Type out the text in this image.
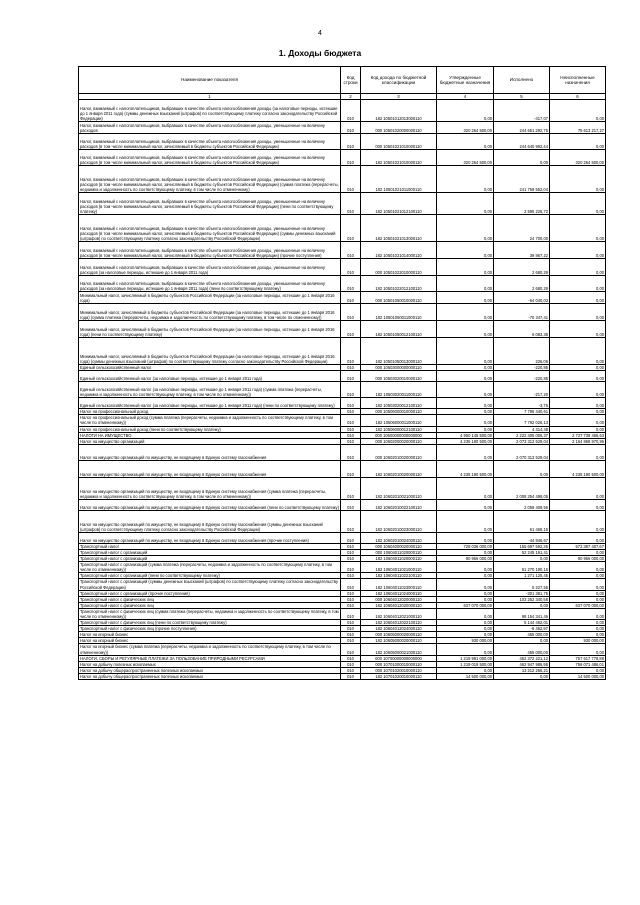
4
1. Доходы бюджета
Наименование показателя	Код строки	Код дохода по бюджетной классификации	Утвержденные бюджетные назначения	Исполнено	Неисполненные назначения
1	2	3	4	5	6
Налог, взимаемый с налогоплательщиков, выбравших в качестве объекта налогообложения доходы (за налоговые периоды, истекшие до 1 января 2011 года) (суммы денежных взысканий (штрафов) по соответствующему платежу согласно законодательству Российской Федерации)	010	182 10501012013000110	0,00	-417,07	0,00
Налог, взимаемый с налогоплательщиков, выбравших в качестве объекта налогообложения доходы, уменьшенные на величину расходов	010	000 10501020000000110	320 264 500,00	244 651 292,75	75 613 217,27
Налог, взимаемый с налогоплательщиков, выбравших в качестве объекта налогообложения доходы, уменьшенные на величину расходов (в том числе минимальный налог, зачисляемый в бюджеты субъектов Российской Федерации)	010	000 10501021010000110	0,00	244 640 992,44	0,00
Налог, взимаемый с налогоплательщиков, выбравших в качестве объекта налогообложения доходы, уменьшенные на величину расходов (в том числе минимальный налог, зачисляемый в бюджеты субъектов Российской Федерации)	010	182 10501021010000110	320 264 500,00	0,00	320 264 500,00
Налог, взимаемый с налогоплательщиков, выбравших в качестве объекта налогообложения доходы, уменьшенные на величину расходов (в том числе минимальный налог, зачисляемый в бюджеты субъектов Российской Федерации) (сумма платежа (перерасчеты, недоимка и задолженность по соответствующему платежу, в том числе по отмененному)	010	182 10501021011000110	0,00	241 759 552,04	0,00
Налог, взимаемый с налогоплательщиков, выбравших в качестве объекта налогообложения доходы, уменьшенные на величину расходов (в том числе минимальный налог, зачисляемый в бюджеты субъектов Российской Федерации) (пени по соответствующему платежу)	010	182 10501021012100110	0,00	2 595 226,72	0,00
Налог, взимаемый с налогоплательщиков, выбравших в качестве объекта налогообложения доходы, уменьшенные на величину расходов (в том числе минимальный налог, зачисляемый в бюджеты субъектов Российской Федерации) (суммы денежных взысканий (штрафов) по соответствующему платежу согласно законодательству Российской Федерации)	010	182 10501021013000110	0,00	24 700,00	0,00
Налог, взимаемый с налогоплательщиков, выбравших в качестве объекта налогообложения доходы, уменьшенные на величину расходов (в том числе минимальный налог, зачисляемый в бюджеты субъектов Российской Федерации) (прочие поступления)	010	182 10501021014000110	0,00	39 867,22	0,00
Налог, взимаемый с налогоплательщиков, выбравших в качестве объекта налогообложения доходы, уменьшенные на величину расходов (за налоговые периоды, истекшие до 1 января 2011 года)	010	000 10501022010000110	0,00	2 680,29	0,00
Налог, взимаемый с налогоплательщиков, выбравших в качестве объекта налогообложения доходы, уменьшенные на величину расходов (за налоговые периоды, истекшие до 1 января 2011 года) (пени по соответствующему платежу)	010	182 10501022012100110	0,00	2 680,29	0,00
Минимальный налог, зачисляемый в бюджеты субъектов Российской Федерации (за налоговые периоды, истекшие до 1 января 2016 года)	010	000 10501050010000110	0,00	-64 040,03	0,00
Минимальный налог, зачисляемый в бюджеты субъектов Российской Федерации (за налоговые периоды, истекшие до 1 января 2016 года) (сумма платежа (перерасчеты, недоимка и задолженность по соответствующему платежу, в том числе по отмененному))	010	182 10501050011000110	0,00	-70 347,41	0,00
Минимальный налог, зачисляемый в бюджеты субъектов Российской Федерации (за налоговые периоды, истекшие до 1 января 2016 года) (пени по соответствующему платежу)	010	182 10501050012100110	0,00	6 083,35	0,00
Минимальный налог, зачисляемый в бюджеты субъектов Российской Федерации (за налоговые периоды, истекшие до 1 января 2016 года) (суммы денежных взысканий (штрафов) по соответствующему платежу согласно законодательству Российской Федерации)	010	182 10501050013000110	0,00	226,06	0,00
Единый сельскохозяйственный налог	010	000 10503000000000110	0,00	-220,85	0,00
Единый сельскохозяйственный налог (за налоговые периоды, истекшие до 1 января 2011 года)	010	000 10503020010000110	0,00	-220,85	0,00
Единый сельскохозяйственный налог (за налоговые периоды, истекшие до 1 января 2011 года) (сумма платежа (перерасчеты, недоимка и задолженность по соответствующему платежу, в том числе по отмененному))	010	182 10503020011000110	0,00	-217,20	0,00
Единый сельскохозяйственный налог (за налоговые периоды, истекшие до 1 января 2011 года) (пени по соответствующему платежу)	010	182 10503020012100110	0,00	-3,75	0,00
Налог на профессиональный доход	010	000 10506000010000110	0,00	7 796 440,61	0,00
Налог на профессиональный доход (сумма платежа (перерасчеты, недоимка и задолженность по соответствующему платежу, в том числе по отмененному))	010	182 10506000011000110	0,00	7 792 026,13	0,00
Налог на профессиональный доход (пени по соответствующему платежу)	010	182 10506000012100110	0,00	4 414,48	0,00
НАЛОГИ НА ИМУЩЕСТВО	010	000 10600000000000000	4 950 145 500,00	2 222 405 006,37	2 727 739 466,63
Налог на имущество организаций	010	000 10602000020000110	4 235 180 500,00	2 073 312 529,04	2 164 868 970,96
Налог на имущество организаций по имуществу, не входящему в Единую систему газоснабжения	010	000 10602010020000110	0,00	2 070 313 529,04	0,00
Налог на имущество организаций по имуществу, не входящему в Единую систему газоснабжения	010	182 10602010020000110	4 235 180 500,00	0,00	4 235 180 500,00
Налог на имущество организаций по имуществу, не входящему в Единую систему газоснабжения (сумма платежа (перерасчеты, недоимка и задолженность по соответствующему платежу, в том числе по отмененному))	010	182 10602010021000110	0,00	2 008 254 498,05	0,00
Налог на имущество организаций по имуществу, не входящему в Единую систему газоснабжения (пени по соответствующему платежу)	010	182 10602010022100110	0,00	2 059 409,56	0,00
Налог на имущество организаций по имуществу, не входящему в Единую систему газоснабжения (суммы денежных взысканий (штрафов) по соответствующему платежу согласно законодательству Российской Федерации)	010	182 10602010023000110	0,00	61 468,15	0,00
Налог на имущество организаций по имуществу, не входящему в Единую систему газоснабжения (прочие поступления)	010	182 10602010024000110	0,00	-44 846,67	0,00
Транспортный налог	010	000 10604000020000110	728 036 000,00	155 697 592,35	572 387 407,67
Транспортный налог с организаций	010	000 10604011020000110	0,00	52 245 161,41	0,00
Транспортный налог с организаций	010	182 10604011020000110	90 966 000,00	0,00	90 966 000,00
Транспортный налог с организаций (сумма платежа (перерасчеты, недоимка и задолженность по соответствующему платежу, в том числе по отмененному))	010	182 10604011021000110	0,00	51 270 190,16	0,00
Транспортный налог с организаций (пени по соответствующему платежу)	010	182 10604011022100110	0,00	1 271 125,45	0,00
Транспортный налог с организаций (суммы денежных взысканий (штрафов) по соответствующему платежу согласно законодательству Российской Федерации)	010	182 10604011023000110	0,00	5 227,55	0,00
Транспортный налог с организаций (прочие поступления)	010	182 10604011024000110	0,00	-301 381,75	0,00
Транспортный налог с физических лиц	010	000 10604012020000110	0,00	103 252 340,58	0,00
Транспортный налог с физических лиц	010	182 10604012020000110	637 070 000,00	0,00	637 070 000,00
Транспортный налог с физических лиц (сумма платежа (перерасчеты, недоимка и задолженность по соответствующему платежу, в том числе по отмененному))	010	182 10604012021000110	0,00	98 154 341,46	0,00
Транспортный налог с физических лиц (пени по соответствующему платежу)	010	182 10604012022100110	0,00	5 144 462,01	0,00
Транспортный налог с физических лиц (прочие поступления)	010	182 10604012024000110	0,00	-6 462,97	0,00
Налог на игорный бизнес	010	000 10605000020000110	0,00	455 000,00	0,00
Налог на игорный бизнес	010	182 10605000020000110	930 000,00	0,00	930 000,00
Налог на игорный бизнес (сумма платежа (перерасчеты, недоимка и задолженность по соответствующему платежу, в том числе по отмененному))	010	182 10605000021000110	0,00	455 000,00	0,00
НАЛОГИ, СБОРЫ И РЕГУЛЯРНЫЕ ПЛАТЕЖИ ЗА ПОЛЬЗОВАНИЕ ПРИРОДНЫМИ РЕСУРСАМИ	010	000 10700000000000000	1 219 991 000,00	462 372 221,12	757 617 778,88
Налог на добычу полезных ископаемых	010	000 10701000010000110	1 219 019 500,00	462 947 986,95	756 071 486,01
Налог на добычу общераспространенных полезных ископаемых	010	000 10701020010000110	0,00	13 212 265,21	0,00
Налог на добычу общераспространенных полезных ископаемых	010	182 10701020010000110	14 500 000,00	0,00	14 500 000,00
